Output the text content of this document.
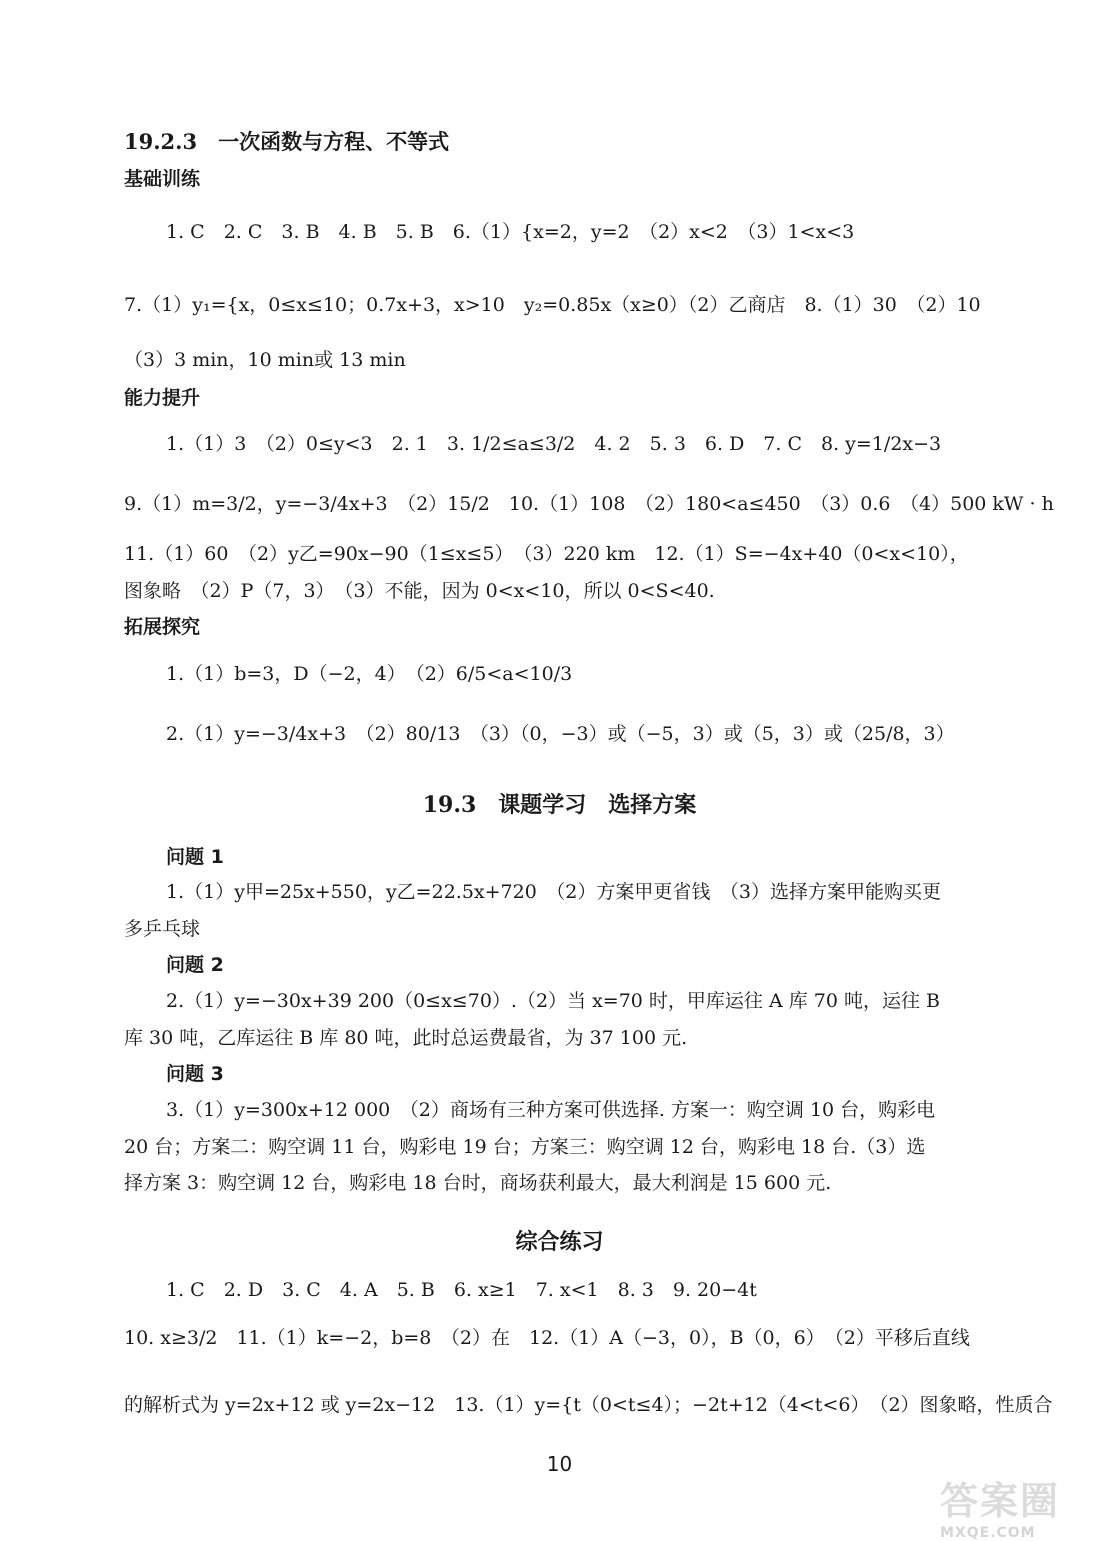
19.2.3　一次函数与方程、不等式
基础训练
1. C　2. C　3. B　4. B　5. B　6.（1）{x=2，y=2　（2）x<2　（3）1<x<3
7.（1）y₁={x，0≤x≤10；0.7x+3，x>10　y₂=0.85x（x≥0）（2）乙商店　8.（1）30　（2）10
（3）3 min，10 min或 13 min
能力提升
1.（1）3　（2）0≤y<3　2. 1　3. 1/2≤a≤3/2　4. 2　5. 3　6. D　7. C　8. y=1/2x−3
9.（1）m=3/2，y=−3/4x+3　（2）15/2　10.（1）108　（2）180<a≤450　（3）0.6　（4）500 kW · h
11.（1）60　（2）y乙=90x−90（1≤x≤5）　（3）220 km　12.（1）S=−4x+40（0<x<10），
图象略　（2）P（7，3）　（3）不能，因为 0<x<10，所以 0<S<40.
拓展探究
1.（1）b=3，D（−2，4）　（2）6/5<a<10/3
2.（1）y=−3/4x+3　（2）80/13　（3）（0，−3）或（−5，3）或（5，3）或（25/8，3）
19.3　课题学习　选择方案
问题 1
1.（1）y甲=25x+550，y乙=22.5x+720　（2）方案甲更省钱　（3）选择方案甲能购买更
多乒乓球
问题 2
2.（1）y=−30x+39 200（0≤x≤70）.（2）当 x=70 时，甲库运往 A 库 70 吨，运往 B
库 30 吨，乙库运往 B 库 80 吨，此时总运费最省，为 37 100 元.
问题 3
3.（1）y=300x+12 000　（2）商场有三种方案可供选择. 方案一：购空调 10 台，购彩电
20 台；方案二：购空调 11 台，购彩电 19 台；方案三：购空调 12 台，购彩电 18 台.（3）选
择方案 3：购空调 12 台，购彩电 18 台时，商场获利最大，最大利润是 15 600 元.
综合练习
1. C　2. D　3. C　4. A　5. B　6. x≥1　7. x<1　8. 3　9. 20−4t
10. x≥3/2　11.（1）k=−2，b=8　（2）在　12.（1）A（−3，0），B（0，6）　（2）平移后直线
的解析式为 y=2x+12 或 y=2x−12　13.（1）y={t（0<t≤4）；−2t+12（4<t<6）　（2）图象略，性质合
10
答案圈
MXQE.COM
